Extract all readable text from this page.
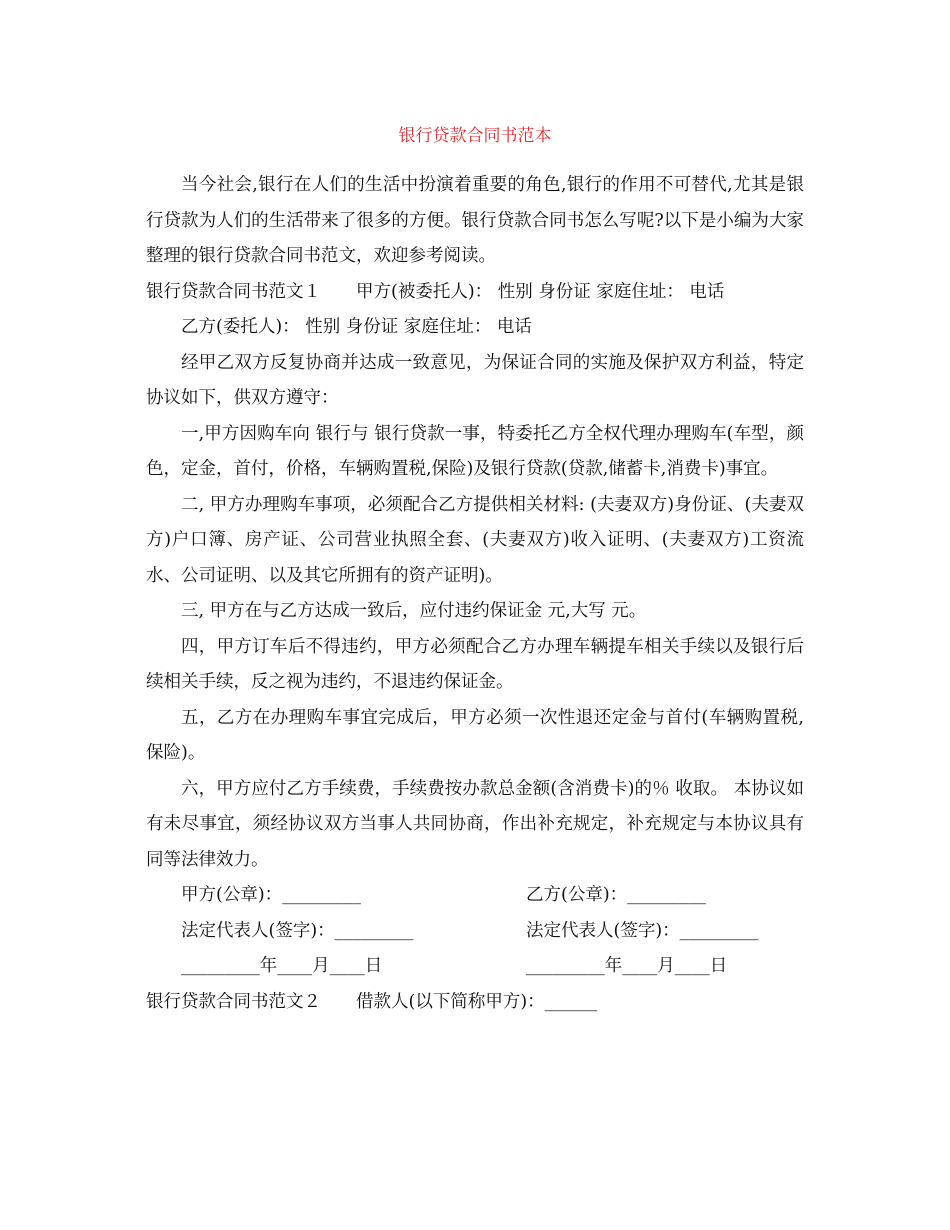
银行贷款合同书范本

当今社会,银行在人们的生活中扮演着重要的角色,银行的作用不可替代,尤其是银行贷款为人们的生活带来了很多的方便。银行贷款合同书怎么写呢?以下是小编为大家整理的银行贷款合同书范文，欢迎参考阅读。

银行贷款合同书范文１ 甲方(被委托人)： 性别 身份证 家庭住址： 电话

乙方(委托人)： 性别 身份证 家庭住址： 电话

经甲乙双方反复协商并达成一致意见，为保证合同的实施及保护双方利益，特定协议如下，供双方遵守：

一,甲方因购车向 银行与 银行贷款一事，特委托乙方全权代理办理购车(车型，颜色，定金，首付，价格，车辆购置税,保险)及银行贷款(贷款,储蓄卡,消费卡)事宜。

二, 甲方办理购车事项，必须配合乙方提供相关材料: (夫妻双方)身份证、(夫妻双方)户口簿、房产证、公司营业执照全套、(夫妻双方)收入证明、(夫妻双方)工资流水、公司证明、以及其它所拥有的资产证明)。

三, 甲方在与乙方达成一致后，应付违约保证金 元,大写 元。

四，甲方订车后不得违约，甲方必须配合乙方办理车辆提车相关手续以及银行后续相关手续，反之视为违约，不退违约保证金。

五，乙方在办理购车事宜完成后，甲方必须一次性退还定金与首付(车辆购置税,保险)。

六，甲方应付乙方手续费，手续费按办款总金额(含消费卡)的％ 收取。 本协议如有未尽事宜，须经协议双方当事人共同协商，作出补充规定，补充规定与本协议具有同等法律效力。

甲方(公章)：_________	乙方(公章)：_________
法定代表人(签字)：_________	法定代表人(签字)：_________
_________年____月____日	_________年____月____日

银行贷款合同书范文２ 借款人(以下简称甲方)：______
